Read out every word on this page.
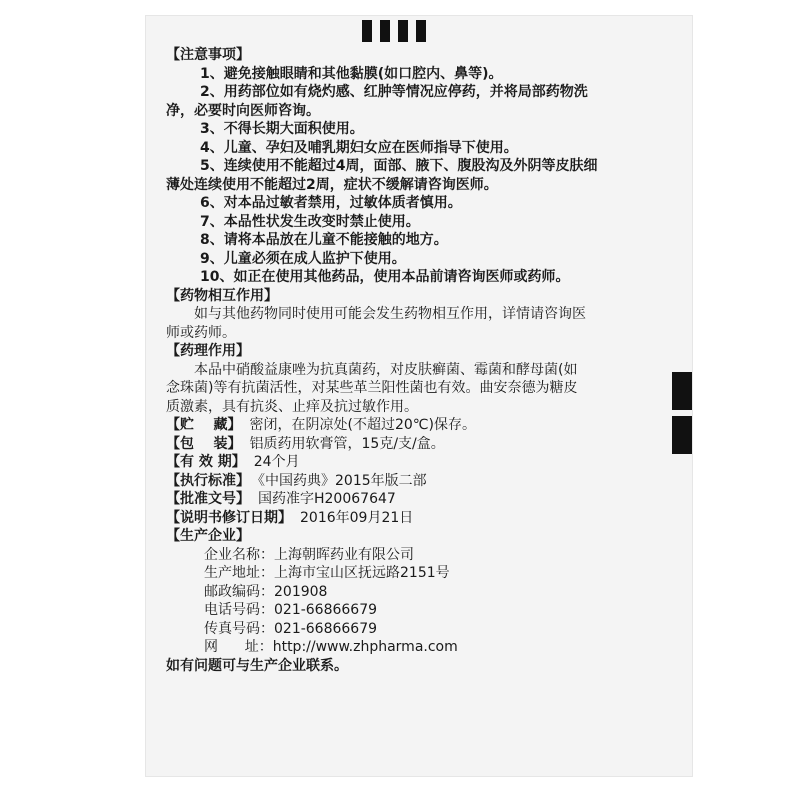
【注意事项】

1、避免接触眼睛和其他黏膜(如口腔内、鼻等)。

2、用药部位如有烧灼感、红肿等情况应停药，并将局部药物洗

净，必要时向医师咨询。

3、不得长期大面积使用。

4、儿童、孕妇及哺乳期妇女应在医师指导下使用。

5、连续使用不能超过4周，面部、腋下、腹股沟及外阴等皮肤细

薄处连续使用不能超过2周，症状不缓解请咨询医师。

6、对本品过敏者禁用，过敏体质者慎用。

7、本品性状发生改变时禁止使用。

8、请将本品放在儿童不能接触的地方。

9、儿童必须在成人监护下使用。

10、如正在使用其他药品，使用本品前请咨询医师或药师。

【药物相互作用】

如与其他药物同时使用可能会发生药物相互作用，详情请咨询医

师或药师。

【药理作用】

本品中硝酸益康唑为抗真菌药，对皮肤癣菌、霉菌和酵母菌(如

念珠菌)等有抗菌活性，对某些革兰阳性菌也有效。曲安奈德为糖皮

质激素，具有抗炎、止痒及抗过敏作用。

【贮    藏】 密闭，在阴凉处(不超过20℃)保存。
【包    装】 铝质药用软膏管，15克/支/盒。
【有 效 期】 24个月
【执行标准】 《中国药典》2015年版二部
【批准文号】 国药准字H20067647
【说明书修订日期】 2016年09月21日

【生产企业】

企业名称：上海朝晖药业有限公司

生产地址：上海市宝山区抚远路2151号

邮政编码：201908

电话号码：021-66866679

传真号码：021-66866679

网      址：http://www.zhpharma.com

如有问题可与生产企业联系。
